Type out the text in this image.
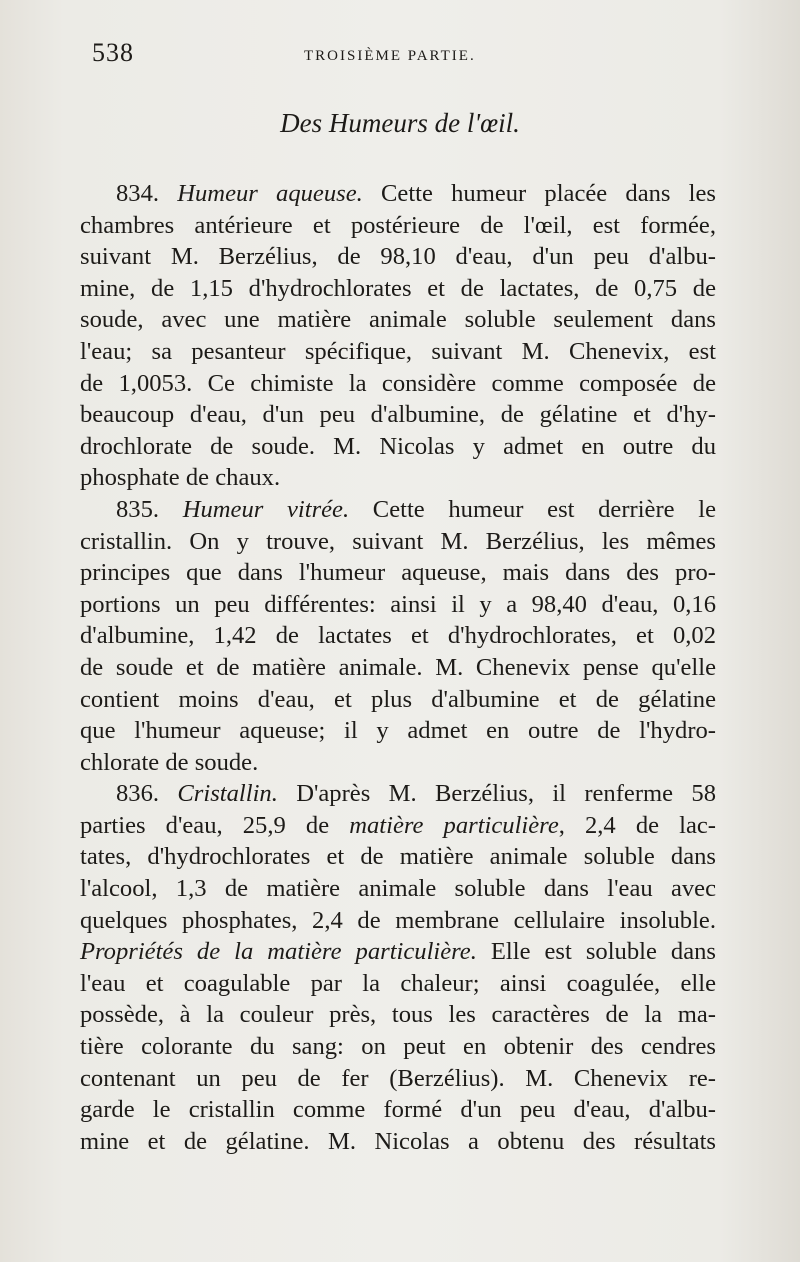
538	TROISIÈME PARTIE.
Des Humeurs de l'œil.
834. Humeur aqueuse. Cette humeur placée dans les
chambres antérieure et postérieure de l'œil, est formée,
suivant M. Berzélius, de 98,10 d'eau, d'un peu d'albu-
mine, de 1,15 d'hydrochlorates et de lactates, de 0,75 de
soude, avec une matière animale soluble seulement dans
l'eau; sa pesanteur spécifique, suivant M. Chenevix, est
de 1,0053. Ce chimiste la considère comme composée de
beaucoup d'eau, d'un peu d'albumine, de gélatine et d'hy-
drochlorate de soude. M. Nicolas y admet en outre du
phosphate de chaux.
835. Humeur vitrée. Cette humeur est derrière le
cristallin. On y trouve, suivant M. Berzélius, les mêmes
principes que dans l'humeur aqueuse, mais dans des pro-
portions un peu différentes: ainsi il y a 98,40 d'eau, 0,16
d'albumine, 1,42 de lactates et d'hydrochlorates, et 0,02
de soude et de matière animale. M. Chenevix pense qu'elle
contient moins d'eau, et plus d'albumine et de gélatine
que l'humeur aqueuse; il y admet en outre de l'hydro-
chlorate de soude.
836. Cristallin. D'après M. Berzélius, il renferme 58
parties d'eau, 25,9 de matière particulière, 2,4 de lac-
tates, d'hydrochlorates et de matière animale soluble dans
l'alcool, 1,3 de matière animale soluble dans l'eau avec
quelques phosphates, 2,4 de membrane cellulaire insoluble.
Propriétés de la matière particulière. Elle est soluble dans
l'eau et coagulable par la chaleur; ainsi coagulée, elle
possède, à la couleur près, tous les caractères de la ma-
tière colorante du sang: on peut en obtenir des cendres
contenant un peu de fer (Berzélius). M. Chenevix re-
garde le cristallin comme formé d'un peu d'eau, d'albu-
mine et de gélatine. M. Nicolas a obtenu des résultats
